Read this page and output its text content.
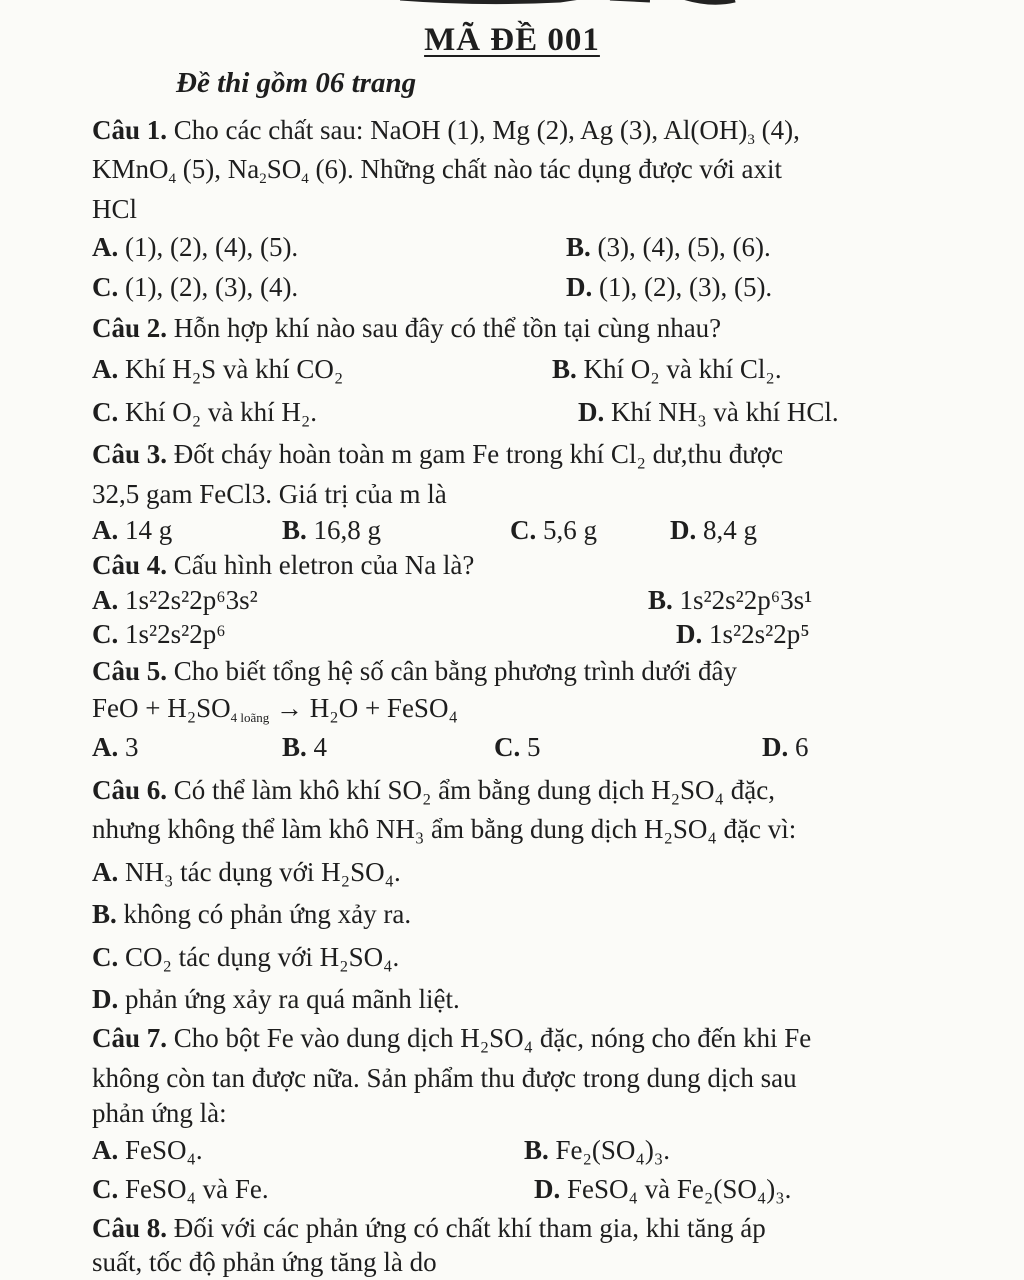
MÃ ĐỀ 001
Đề thi gồm 06 trang
Câu 1. Cho các chất sau: NaOH (1), Mg (2), Ag (3), $Al(OH)_3$ (4),
KMnO$_4$ (5), $Na_2SO_4$ (6). Những chất nào tác dụng được với axit
HCl
A. (1), (2), (4), (5).	B. (3), (4), (5), (6).
C. (1), (2), (3), (4).	D. (1), (2), (3), (5).
Câu 2. Hỗn hợp khí nào sau đây có thể tồn tại cùng nhau?
A. Khí H₂S và khí CO₂	B. Khí O₂ và khí Cl₂.
C. Khí O₂ và khí H₂.	D. Khí NH₃ và khí HCl.
Câu 3. Đốt cháy hoàn toàn m gam Fe trong khí Cl₂ dư,thu được
32,5 gam FeCl3. Giá trị của m là
A. 14 g	B. 16,8 g	C. 5,6 g	D. 8,4 g
Câu 4. Cấu hình eletron của Na là?
A. 1s²2s²2p⁶3s²	B. 1s²2s²2p⁶3s¹
C. 1s²2s²2p⁶	D. 1s²2s²2p⁵
Câu 5. Cho biết tổng hệ số cân bằng phương trình dưới đây
FeO + $H_2SO_{4 loãng} \to H_2O$ + FeSO₄
A. 3	B. 4	C. 5	D. 6
Câu 6. Có thể làm khô khí SO₂ ẩm bằng dung dịch H₂SO₄ đặc,
nhưng không thể làm khô NH₃ ẩm bằng dung dịch H₂SO₄ đặc vì:
A. NH₃ tác dụng với H₂SO₄.
B. không có phản ứng xảy ra.
C. CO₂ tác dụng với H₂SO₄.
D. phản ứng xảy ra quá mãnh liệt.
Câu 7. Cho bột Fe vào dung dịch H₂SO₄ đặc, nóng cho đến khi Fe
không còn tan được nữa. Sản phẩm thu được trong dung dịch sau
phản ứng là:
A. FeSO₄.	B. Fe₂(SO₄)₃.
C. FeSO₄ và Fe.	D. FeSO₄ và Fe₂(SO₄)₃.
Câu 8. Đối với các phản ứng có chất khí tham gia, khi tăng áp
suất, tốc độ phản ứng tăng là do
